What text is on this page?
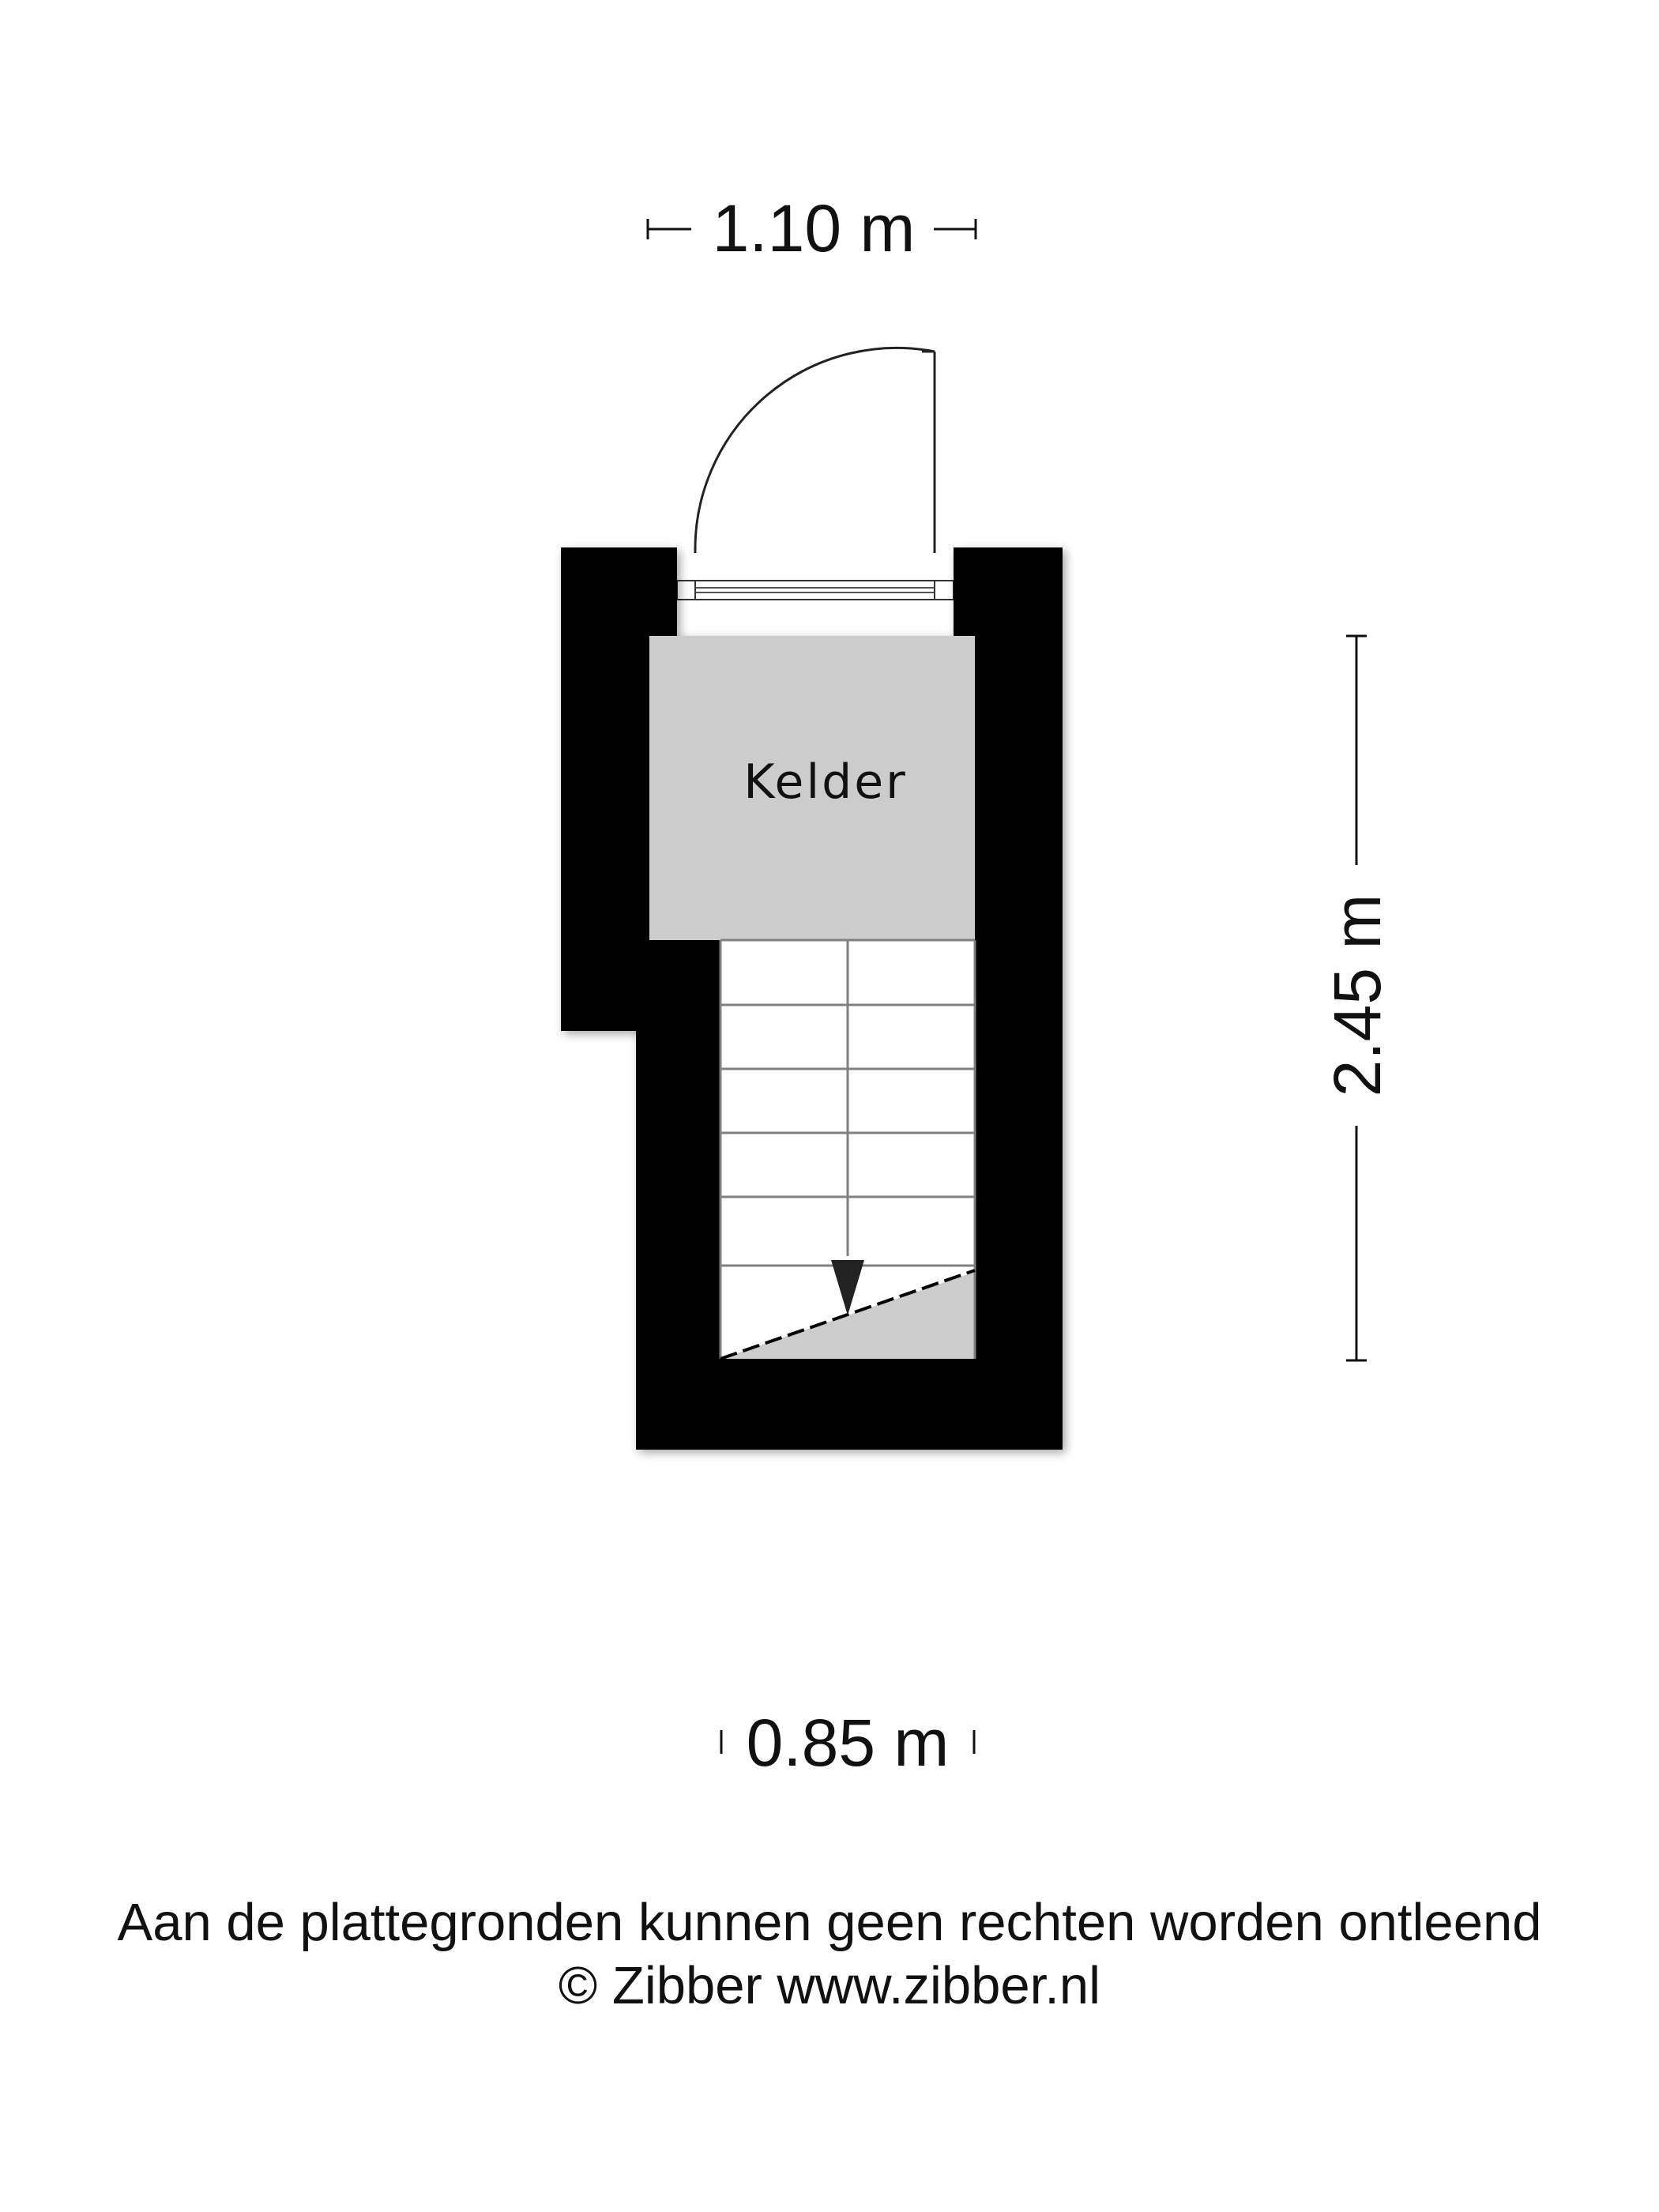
1.10 m
Kelder
2.45 m
0.85 m
Aan de plattegronden kunnen geen rechten worden ontleend
© Zibber www.zibber.nl
